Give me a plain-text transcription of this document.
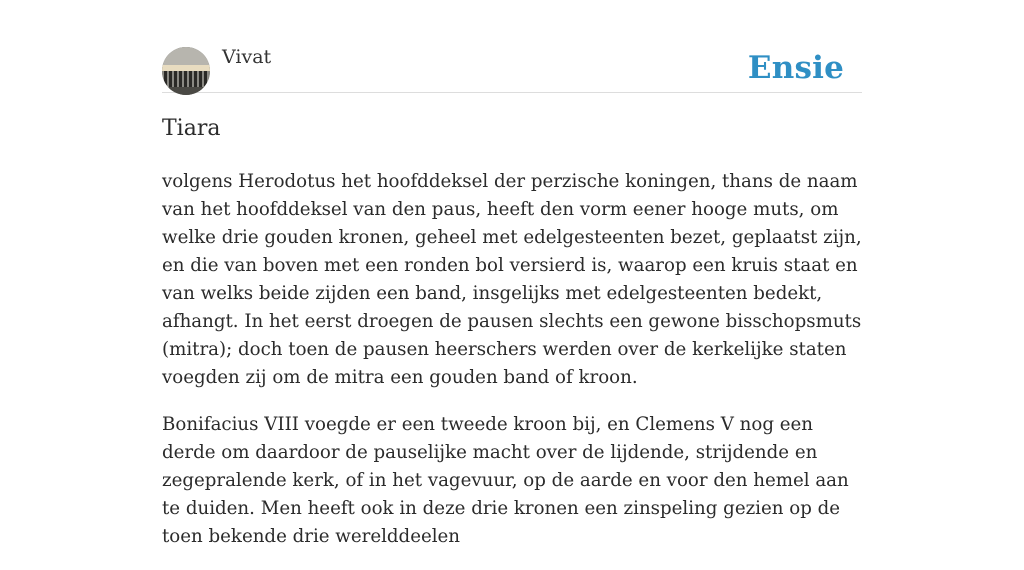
Vivat	Ensie
Tiara

volgens Herodotus het hoofddeksel der perzische koningen, thans de naam van het hoofddeksel van den paus, heeft den vorm eener hooge muts, om welke drie gouden kronen, geheel met edelgesteenten bezet, geplaatst zijn, en die van boven met een ronden bol versierd is, waarop een kruis staat en van welks beide zijden een band, insgelijks met edelgesteenten bedekt, afhangt. In het eerst droegen de pausen slechts een gewone bisschopsmuts (mitra); doch toen de pausen heerschers werden over de kerkelijke staten voegden zij om de mitra een gouden band of kroon.

Bonifacius VIII voegde er een tweede kroon bij, en Clemens V nog een derde om daardoor de pauselijke macht over de lijdende, strijdende en zegepralende kerk, of in het vagevuur, op de aarde en voor den hemel aan te duiden. Men heeft ook in deze drie kronen een zinspeling gezien op de toen bekende drie werelddeelen
